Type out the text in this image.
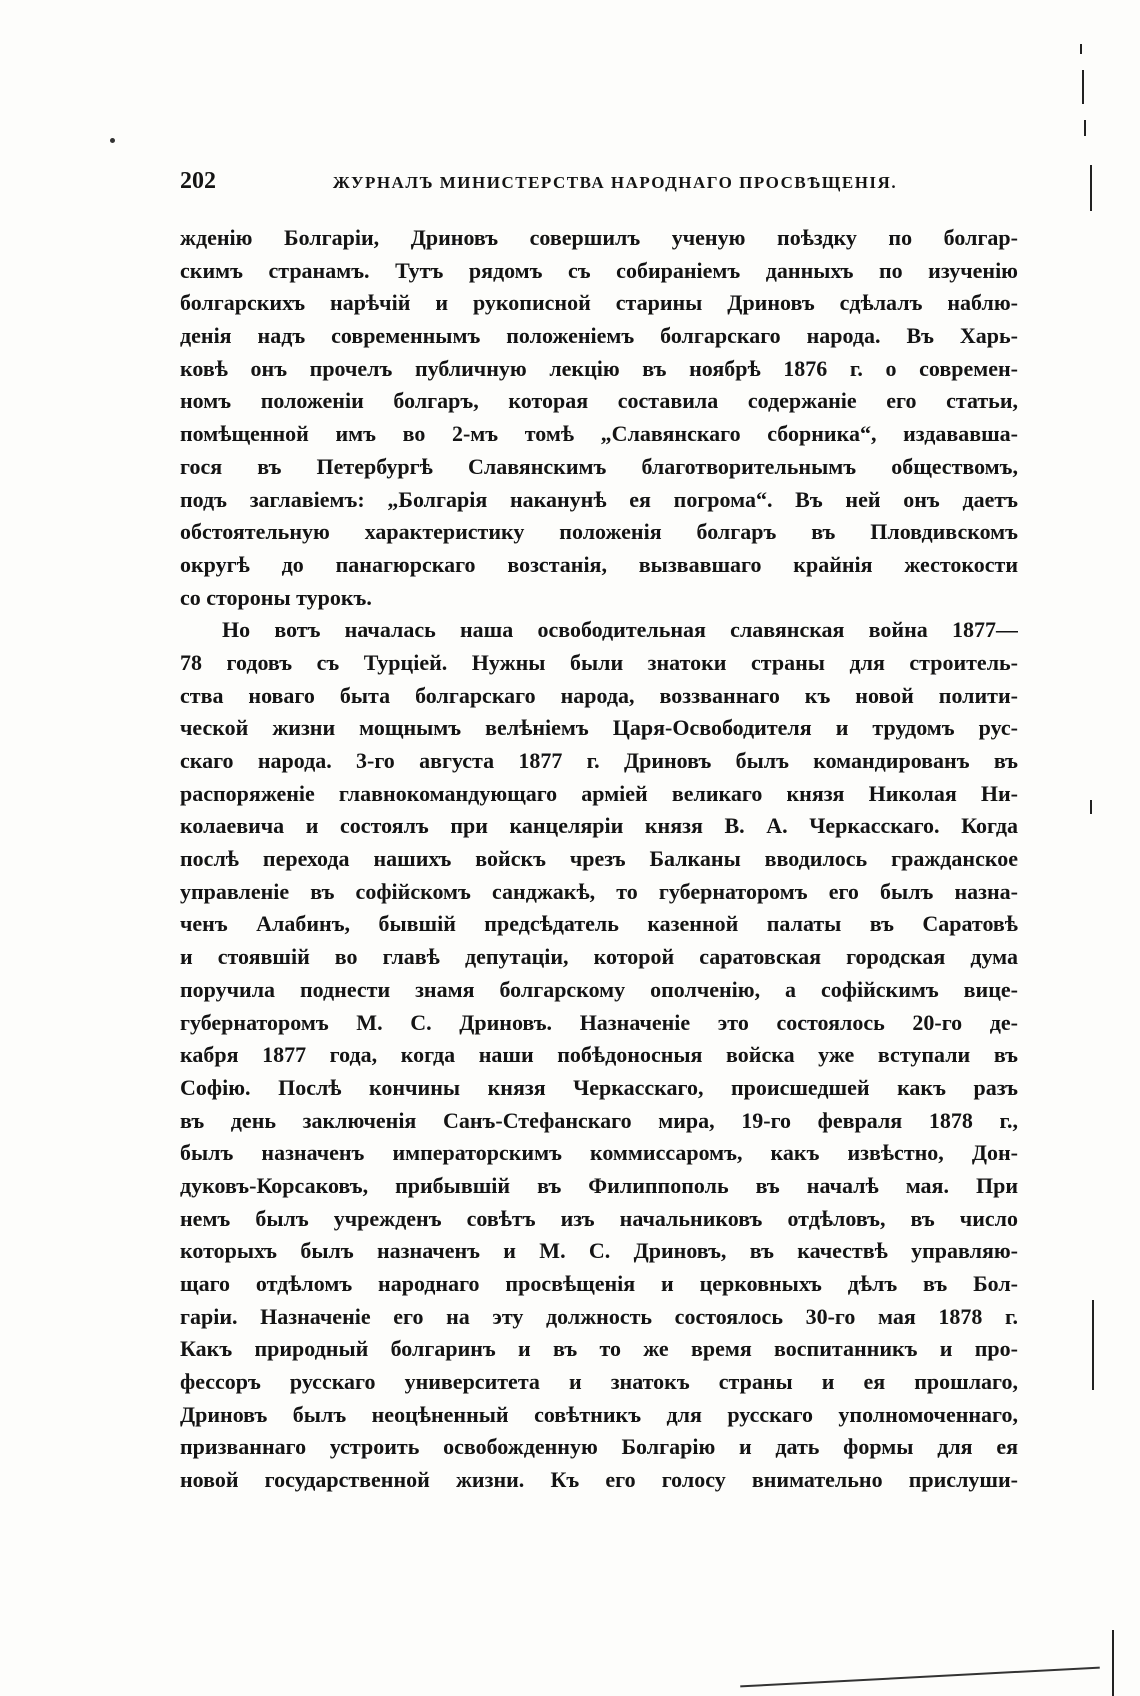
202	ЖУРНАЛЪ МИНИСТЕРСТВА НАРОДНАГО ПРОСВѢЩЕНІЯ.
жденію Болгаріи, Дриновъ совершилъ ученую поѣздку по болгар-
скимъ странамъ. Тутъ рядомъ съ собираніемъ данныхъ по изученію
болгарскихъ нарѣчій и рукописной старины Дриновъ сдѣлалъ наблю-
денія надъ современнымъ положеніемъ болгарскаго народа. Въ Харь-
ковѣ онъ прочелъ публичную лекцію въ ноябрѣ 1876 г. о современ-
номъ положеніи болгаръ, которая составила содержаніе его статьи,
помѣщенной имъ во 2-мъ томѣ „Славянскаго сборника“, издававша-
гося въ Петербургѣ Славянскимъ благотворительнымъ обществомъ,
подъ заглавіемъ: „Болгарія наканунѣ ея погрома“. Въ ней онъ даетъ
обстоятельную характеристику положенія болгаръ въ Пловдивскомъ
округѣ до панагюрскаго возстанія, вызвавшаго крайнія жестокости
со стороны турокъ.
Но вотъ началась наша освободительная славянская война 1877—
78 годовъ съ Турціей. Нужны были знатоки страны для строитель-
ства новаго быта болгарскаго народа, воззваннаго къ новой полити-
ческой жизни мощнымъ велѣніемъ Царя-Освободителя и трудомъ рус-
скаго народа. 3-го августа 1877 г. Дриновъ былъ командированъ въ
распоряженіе главнокомандующаго арміей великаго князя Николая Ни-
колаевича и состоялъ при канцеляріи князя В. А. Черкасскаго. Когда
послѣ перехода нашихъ войскъ чрезъ Балканы вводилось гражданское
управленіе въ софійскомъ санджакѣ, то губернаторомъ его былъ назна-
ченъ Алабинъ, бывшій предсѣдатель казенной палаты въ Саратовѣ
и стоявшій во главѣ депутаціи, которой саратовская городская дума
поручила поднести знамя болгарскому ополченію, а софійскимъ вице-
губернаторомъ М. С. Дриновъ. Назначеніе это состоялось 20-го де-
кабря 1877 года, когда наши побѣдоносныя войска уже вступали въ
Софію. Послѣ кончины князя Черкасскаго, происшедшей какъ разъ
въ день заключенія Санъ-Стефанскаго мира, 19-го февраля 1878 г.,
былъ назначенъ императорскимъ коммиссаромъ, какъ извѣстно, Дон-
дуковъ-Корсаковъ, прибывшій въ Филиппополь въ началѣ мая. При
немъ былъ учрежденъ совѣтъ изъ начальниковъ отдѣловъ, въ число
которыхъ былъ назначенъ и М. С. Дриновъ, въ качествѣ управляю-
щаго отдѣломъ народнаго просвѣщенія и церковныхъ дѣлъ въ Бол-
гаріи. Назначеніе его на эту должность состоялось 30-го мая 1878 г.
Какъ природный болгаринъ и въ то же время воспитанникъ и про-
фессоръ русскаго университета и знатокъ страны и ея прошлаго,
Дриновъ былъ неоцѣненный совѣтникъ для русскаго уполномоченнаго,
призваннаго устроить освобожденную Болгарію и дать формы для ея
новой государственной жизни. Къ его голосу внимательно прислуши-
